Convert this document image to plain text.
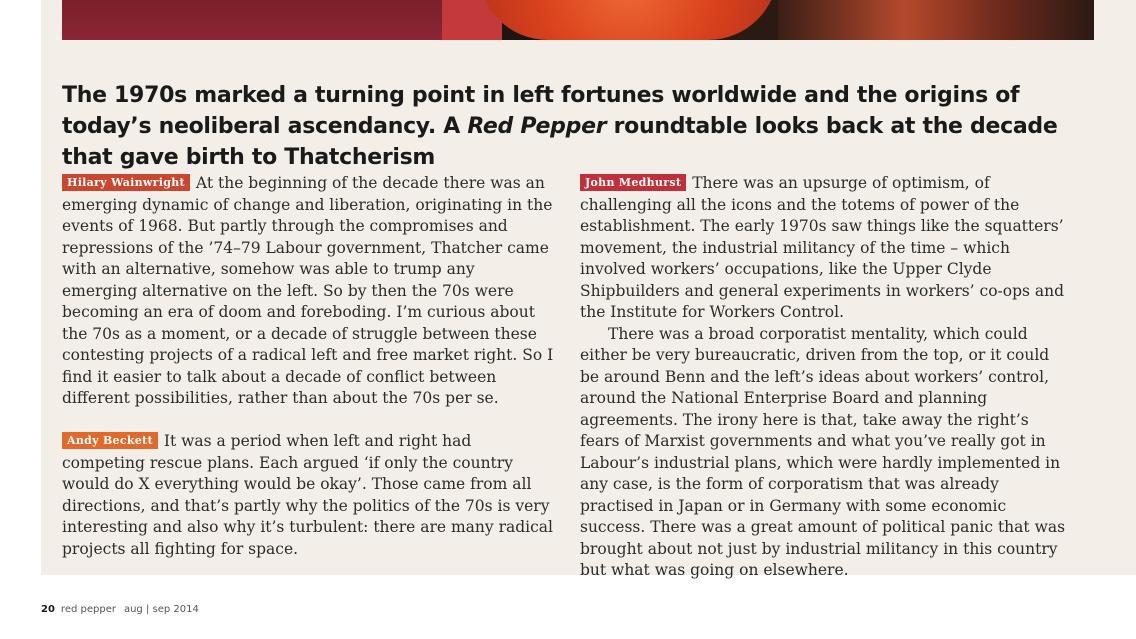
The 1970s marked a turning point in left fortunes worldwide and the origins of today’s neoliberal ascendancy. A Red Pepper roundtable looks back at the decade that gave birth to Thatcherism

Hilary Wainwright At the beginning of the decade there was an emerging dynamic of change and liberation, originating in the events of 1968. But partly through the compromises and repressions of the ’74–79 Labour government, Thatcher came with an alternative, somehow was able to trump any emerging alternative on the left. So by then the 70s were becoming an era of doom and foreboding. I’m curious about the 70s as a moment, or a decade of struggle between these contesting projects of a radical left and free market right. So I find it easier to talk about a decade of conflict between different possibilities, rather than about the 70s per se.

Andy Beckett It was a period when left and right had competing rescue plans. Each argued ‘if only the country would do X everything would be okay’. Those came from all directions, and that’s partly why the politics of the 70s is very interesting and also why it’s turbulent: there are many radical projects all fighting for space.

John Medhurst There was an upsurge of optimism, of challenging all the icons and the totems of power of the establishment. The early 1970s saw things like the squatters’ movement, the industrial militancy of the time – which involved workers’ occupations, like the Upper Clyde Shipbuilders and general experiments in workers’ co-ops and the Institute for Workers Control.

There was a broad corporatist mentality, which could either be very bureaucratic, driven from the top, or it could be around Benn and the left’s ideas about workers’ control, around the National Enterprise Board and planning agreements. The irony here is that, take away the right’s fears of Marxist governments and what you’ve really got in Labour’s industrial plans, which were hardly implemented in any case, is the form of corporatism that was already practised in Japan or in Germany with some economic success. There was a great amount of political panic that was brought about not just by industrial militancy in this country but what was going on elsewhere.

20 red pepper aug | sep 2014
